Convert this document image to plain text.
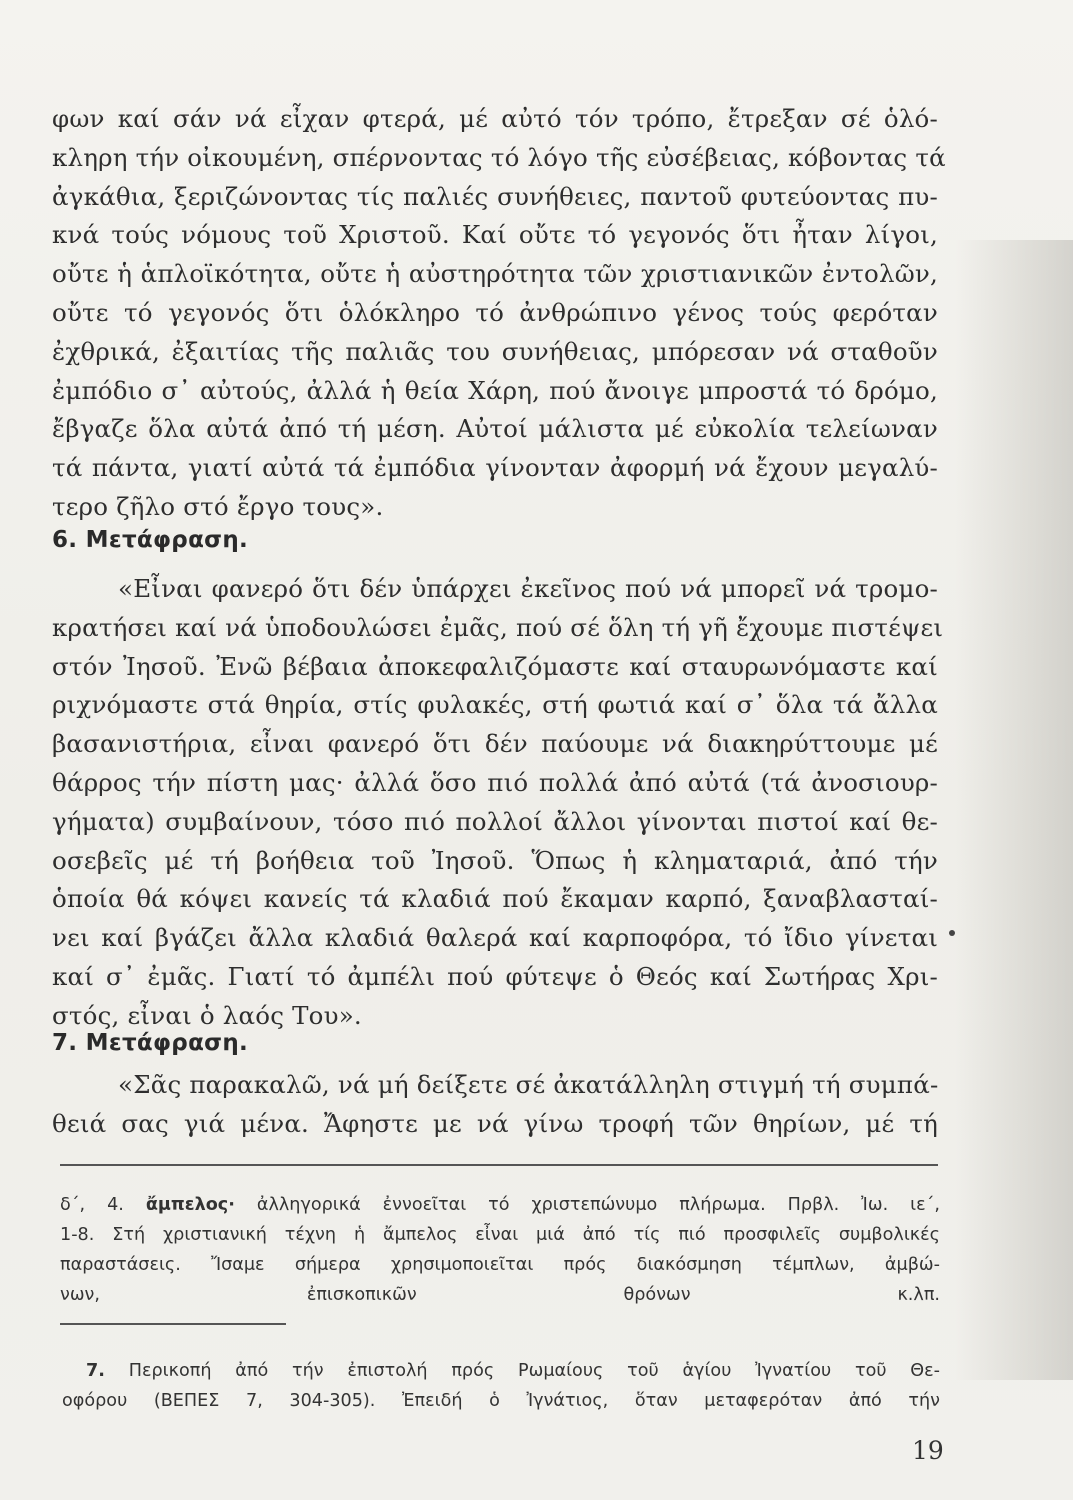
φων καί σάν νά εἶχαν φτερά, μέ αὐτό τόν τρόπο, ἔτρεξαν σέ ὁλό-
κληρη τήν οἰκουμένη, σπέρνοντας τό λόγο τῆς εὐσέβειας, κόβοντας τά
ἀγκάθια, ξεριζώνοντας τίς παλιές συνήθειες, παντοῦ φυτεύοντας πυ-
κνά τούς νόμους τοῦ Χριστοῦ. Καί οὔτε τό γεγονός ὅτι ἦταν λίγοι,
οὔτε ἡ ἁπλοϊκότητα, οὔτε ἡ αὐστηρότητα τῶν χριστιανικῶν ἐντολῶν,
οὔτε τό γεγονός ὅτι ὁλόκληρο τό ἀνθρώπινο γένος τούς φερόταν
ἐχθρικά, ἐξαιτίας τῆς παλιᾶς του συνήθειας, μπόρεσαν νά σταθοῦν
ἐμπόδιο σ᾽ αὐτούς, ἀλλά ἡ θεία Χάρη, πού ἄνοιγε μπροστά τό δρόμο,
ἔβγαζε ὅλα αὐτά ἀπό τή μέση. Αὐτοί μάλιστα μέ εὐκολία τελείωναν
τά πάντα, γιατί αὐτά τά ἐμπόδια γίνονταν ἀφορμή νά ἔχουν μεγαλύ-
τερο ζῆλο στό ἔργο τους».
6. Μετάφραση.
«Εἶναι φανερό ὅτι δέν ὑπάρχει ἐκεῖνος πού νά μπορεῖ νά τρομο-
κρατήσει καί νά ὑποδουλώσει ἐμᾶς, πού σέ ὅλη τή γῆ ἔχουμε πιστέψει
στόν Ἰησοῦ. Ἐνῶ βέβαια ἀποκεφαλιζόμαστε καί σταυρωνόμαστε καί
ριχνόμαστε στά θηρία, στίς φυλακές, στή φωτιά καί σ᾽ ὅλα τά ἄλλα
βασανιστήρια, εἶναι φανερό ὅτι δέν παύουμε νά διακηρύττουμε μέ
θάρρος τήν πίστη μας· ἀλλά ὅσο πιό πολλά ἀπό αὐτά (τά ἀνοσιουρ-
γήματα) συμβαίνουν, τόσο πιό πολλοί ἄλλοι γίνονται πιστοί καί θε-
οσεβεῖς μέ τή βοήθεια τοῦ Ἰησοῦ. Ὅπως ἡ κληματαριά, ἀπό τήν
ὁποία θά κόψει κανείς τά κλαδιά πού ἔκαμαν καρπό, ξαναβλασταί-
νει καί βγάζει ἄλλα κλαδιά θαλερά καί καρποφόρα, τό ἴδιο γίνεται
καί σ᾽ ἐμᾶς. Γιατί τό ἀμπέλι πού φύτεψε ὁ Θεός καί Σωτήρας Χρι-
στός, εἶναι ὁ λαός Του».
7. Μετάφραση.
«Σᾶς παρακαλῶ, νά μή δείξετε σέ ἀκατάλληλη στιγμή τή συμπά-
θειά σας γιά μένα. Ἄφηστε με νά γίνω τροφή τῶν θηρίων, μέ τή
δ΄, 4. ἄμπελος· ἀλληγορικά ἐννοεῖται τό χριστεπώνυμο πλήρωμα. Πρβλ. Ἰω. ιε΄,
1-8. Στή χριστιανική τέχνη ἡ ἄμπελος εἶναι μιά ἀπό τίς πιό προσφιλεῖς συμβολικές
παραστάσεις. Ἴσαμε σήμερα χρησιμοποιεῖται πρός διακόσμηση τέμπλων, ἀμβώ-
νων, ἐπισκοπικῶν θρόνων κ.λπ.
7. Περικοπή ἀπό τήν ἐπιστολή πρός Ρωμαίους τοῦ ἁγίου Ἰγνατίου τοῦ Θε-
οφόρου (ΒΕΠΕΣ 7, 304-305). Ἐπειδή ὁ Ἰγνάτιος, ὅταν μεταφερόταν ἀπό τήν
19
